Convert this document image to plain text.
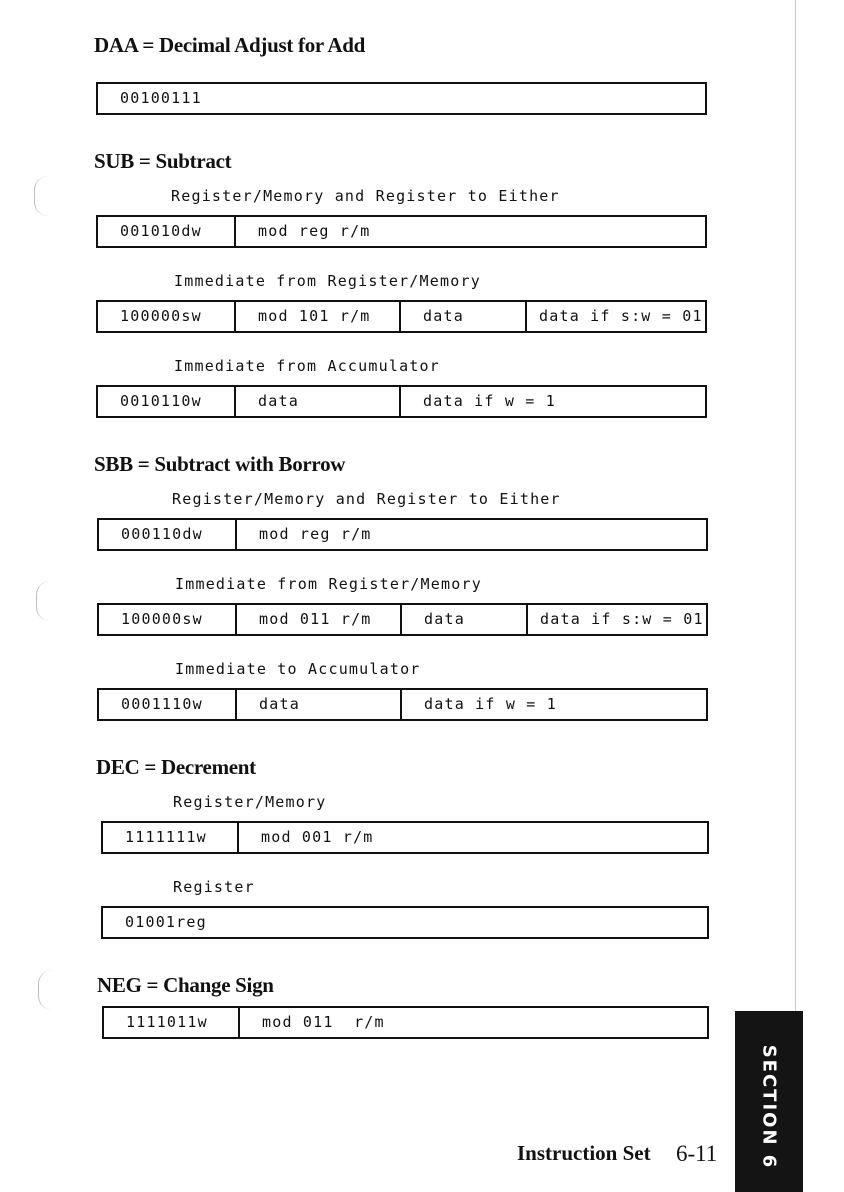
DAA = Decimal Adjust for Add
00100111
SUB = Subtract
Register/Memory and Register to Either
001010dw	mod reg r/m
Immediate from Register/Memory
100000sw	mod 101 r/m	data	data if s:w = 01
Immediate from Accumulator
0010110w	data	data if w = 1
SBB = Subtract with Borrow
Register/Memory and Register to Either
000110dw	mod reg r/m
Immediate from Register/Memory
100000sw	mod 011 r/m	data	data if s:w = 01
Immediate to Accumulator
0001110w	data	data if w = 1
DEC = Decrement
Register/Memory
1111111w	mod 001 r/m
Register
01001reg
NEG = Change Sign
1111011w	mod 011  r/m
Instruction Set 6-11 SECTION 6
